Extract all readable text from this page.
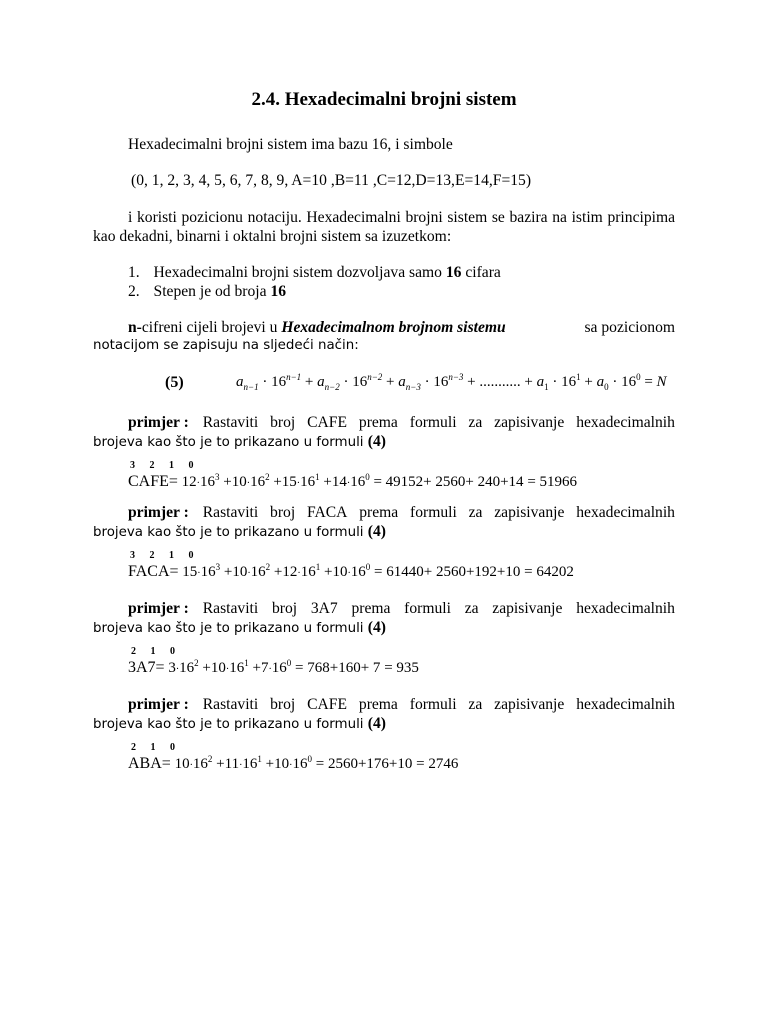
2.4. Hexadecimalni brojni sistem
Hexadecimalni brojni sistem ima bazu 16, i simbole
(0, 1, 2, 3, 4, 5, 6, 7, 8, 9, A=10 ,B=11 ,C=12,D=13,E=14,F=15)
i koristi pozicionu notaciju. Hexadecimalni brojni sistem se bazira na istim principima kao dekadni, binarni i oktalni brojni sistem sa izuzetkom:
1. Hexadecimalni brojni sistem dozvoljava samo 16 cifara
2. Stepen je od broja 16
n-cifreni cijeli brojevi u Hexadecimalnom brojnom sistemu	sa pozicionom
notacijom se zapisuju na sljedeći način:
(5)	$a_{n-1} \cdot 16^{n-1} + a_{n-2} \cdot 16^{n-2} + a_{n-3} \cdot 16^{n-3}$ + ........... + $a_1 \cdot 16^1 + a_0 \cdot 16^0 = N$
primjer : Rastaviti broj CAFE prema formuli za zapisivanje hexadecimalnih
brojeva kao što je to prikazano u formuli (4)
3 2 1 0
CAFE= $12\cdot 16^3 +10\cdot 16^2 +15\cdot 16^1 +14\cdot 16^0 = 49152+ 2560+ 240+14 = 51966$
primjer : Rastaviti broj FACA prema formuli za zapisivanje hexadecimalnih
brojeva kao što je to prikazano u formuli (4)
3 2 1 0
FACA= $15\cdot 16^3 +10\cdot 16^2 +12\cdot 16^1 +10\cdot 16^0 = 61440+ 2560+192+10 = 64202$
primjer : Rastaviti broj 3A7 prema formuli za zapisivanje hexadecimalnih
brojeva kao što je to prikazano u formuli (4)
2 1 0
$3A7= 3\cdot 16^2 +10\cdot 16^1 +7\cdot 16^0 = 768+160+ 7 = 935$
primjer : Rastaviti broj CAFE prema formuli za zapisivanje hexadecimalnih
brojeva kao što je to prikazano u formuli (4)
2 1 0
$ABA= 10\cdot 16^2 +11\cdot 16^1 +10\cdot 16^0 = 2560+176+10 = 2746$
